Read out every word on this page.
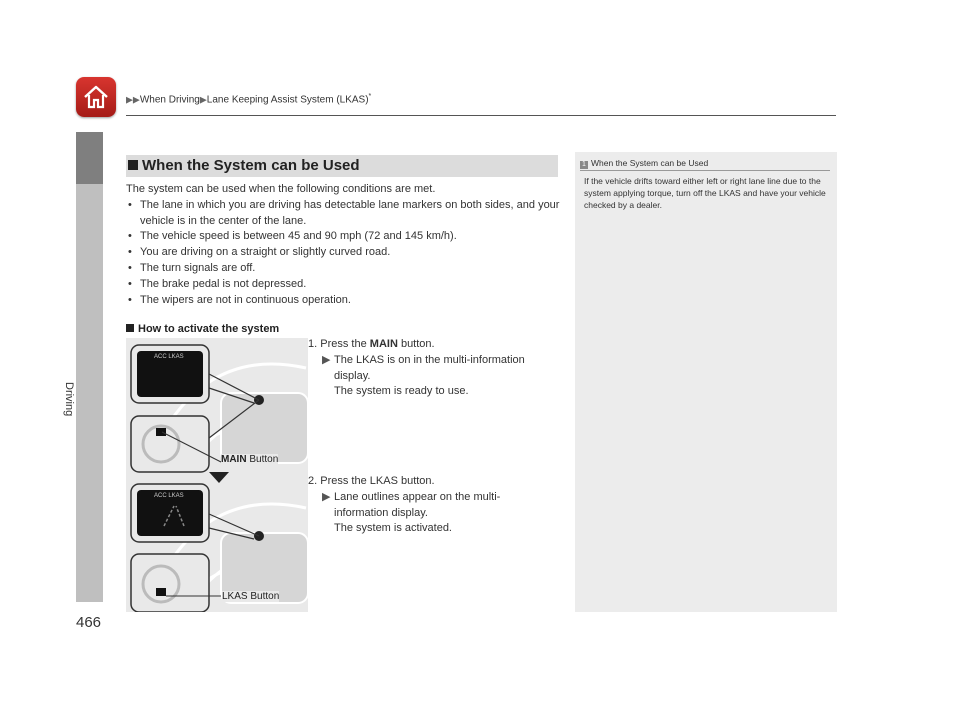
▶▶When Driving▶Lane Keeping Assist System (LKAS)*
Driving
466
When the System can be Used
The system can be used when the following conditions are met.
• The lane in which you are driving has detectable lane markers on both sides, and your vehicle is in the center of the lane.
• The vehicle speed is between 45 and 90 mph (72 and 145 km/h).
• You are driving on a straight or slightly curved road.
• The turn signals are off.
• The brake pedal is not depressed.
• The wipers are not in continuous operation.
How to activate the system
1. Press the MAIN button.
▶ The LKAS is on in the multi-information
display.
The system is ready to use.
2. Press the LKAS button.
▶ Lane outlines appear on the multi-
information display.
The system is activated.
ACC LKAS
ACC LKAS
MAIN Button
LKAS Button
1 When the System can be Used
If the vehicle drifts toward either left or right lane line due to the system applying torque, turn off the LKAS and have your vehicle checked by a dealer.
